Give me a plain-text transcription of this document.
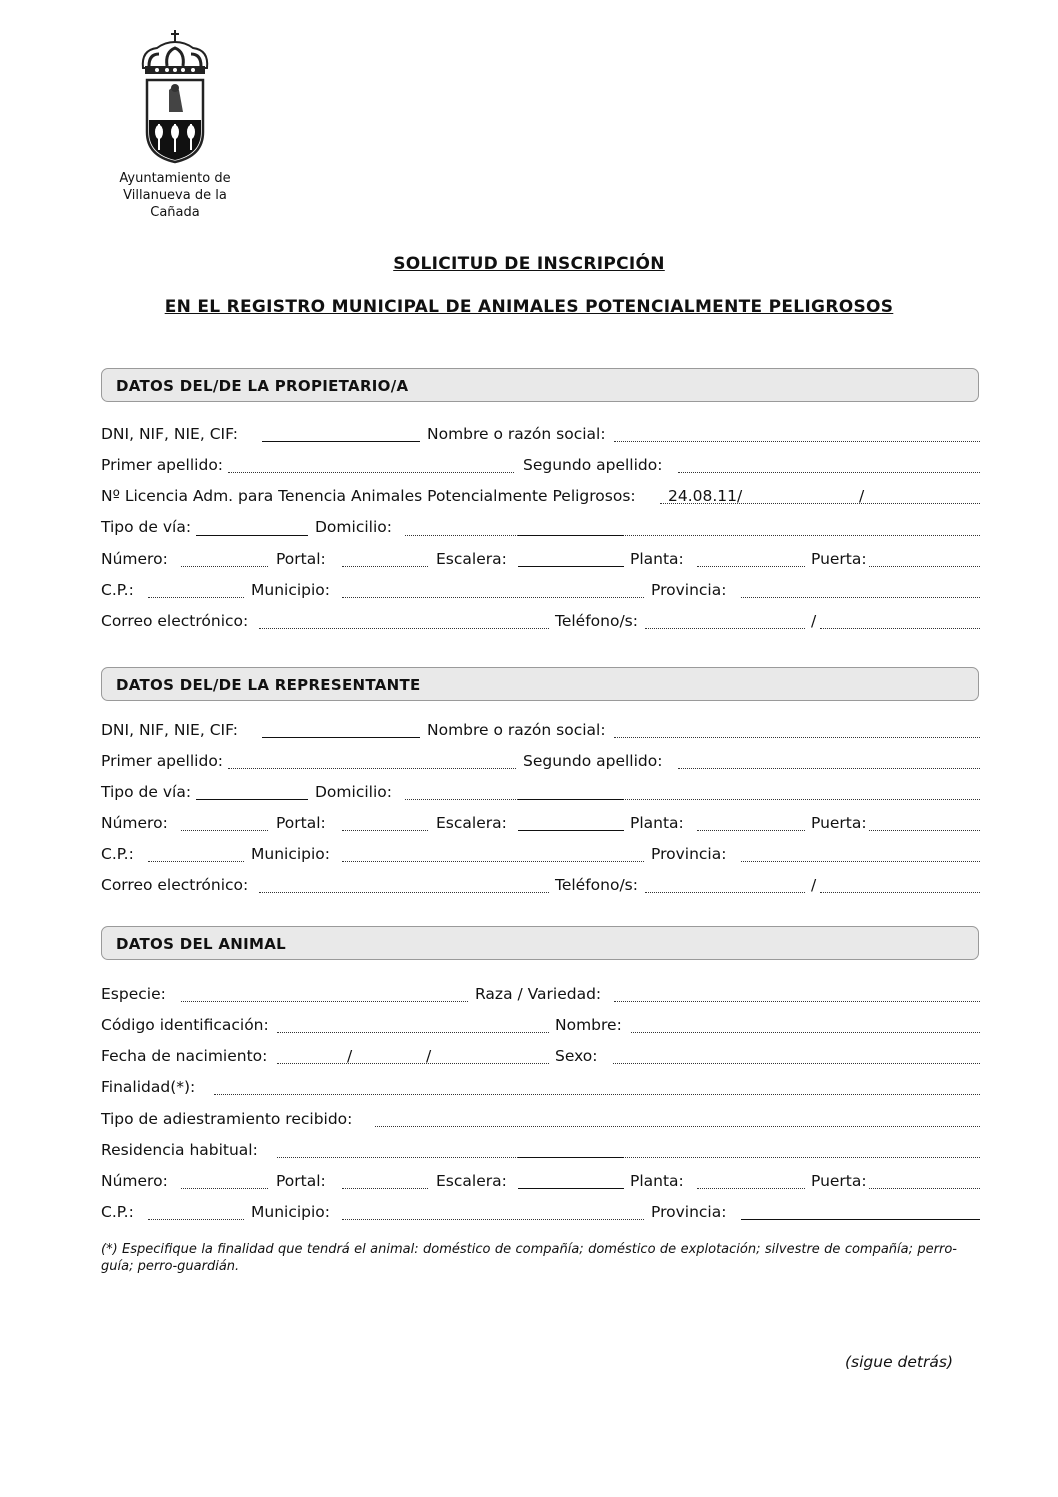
Ayuntamiento de
Villanueva de la Cañada
SOLICITUD DE INSCRIPCIÓN
EN EL REGISTRO MUNICIPAL DE ANIMALES POTENCIALMENTE PELIGROSOS
DATOS DEL/DE LA PROPIETARIO/A
DNI, NIF, NIE, CIF:	Nombre o razón social:
Primer apellido:	Segundo apellido:
Nº Licencia Adm. para Tenencia Animales Potencialmente Peligrosos: 24.08.11/	/
Tipo de vía:	Domicilio:
Número:	Portal:	Escalera:	Planta:	Puerta:
C.P.:	Municipio:	Provincia:
Correo electrónico:	Teléfono/s:	/
DATOS DEL/DE LA REPRESENTANTE
DNI, NIF, NIE, CIF:	Nombre o razón social:
Primer apellido:	Segundo apellido:
Tipo de vía:	Domicilio:
Número:	Portal:	Escalera:	Planta:	Puerta:
C.P.:	Municipio:	Provincia:
Correo electrónico:	Teléfono/s:	/
DATOS DEL ANIMAL
Especie:	Raza / Variedad:
Código identificación:	Nombre:
Fecha de nacimiento:	/	/	Sexo:
Finalidad(*):
Tipo de adiestramiento recibido:
Residencia habitual:
Número:	Portal:	Escalera:	Planta:	Puerta:
C.P.:	Municipio:	Provincia:
(*) Especifique la finalidad que tendrá el animal: doméstico de compañía; doméstico de explotación; silvestre de compañía; perro-guía; perro-guardián.
(sigue detrás)
